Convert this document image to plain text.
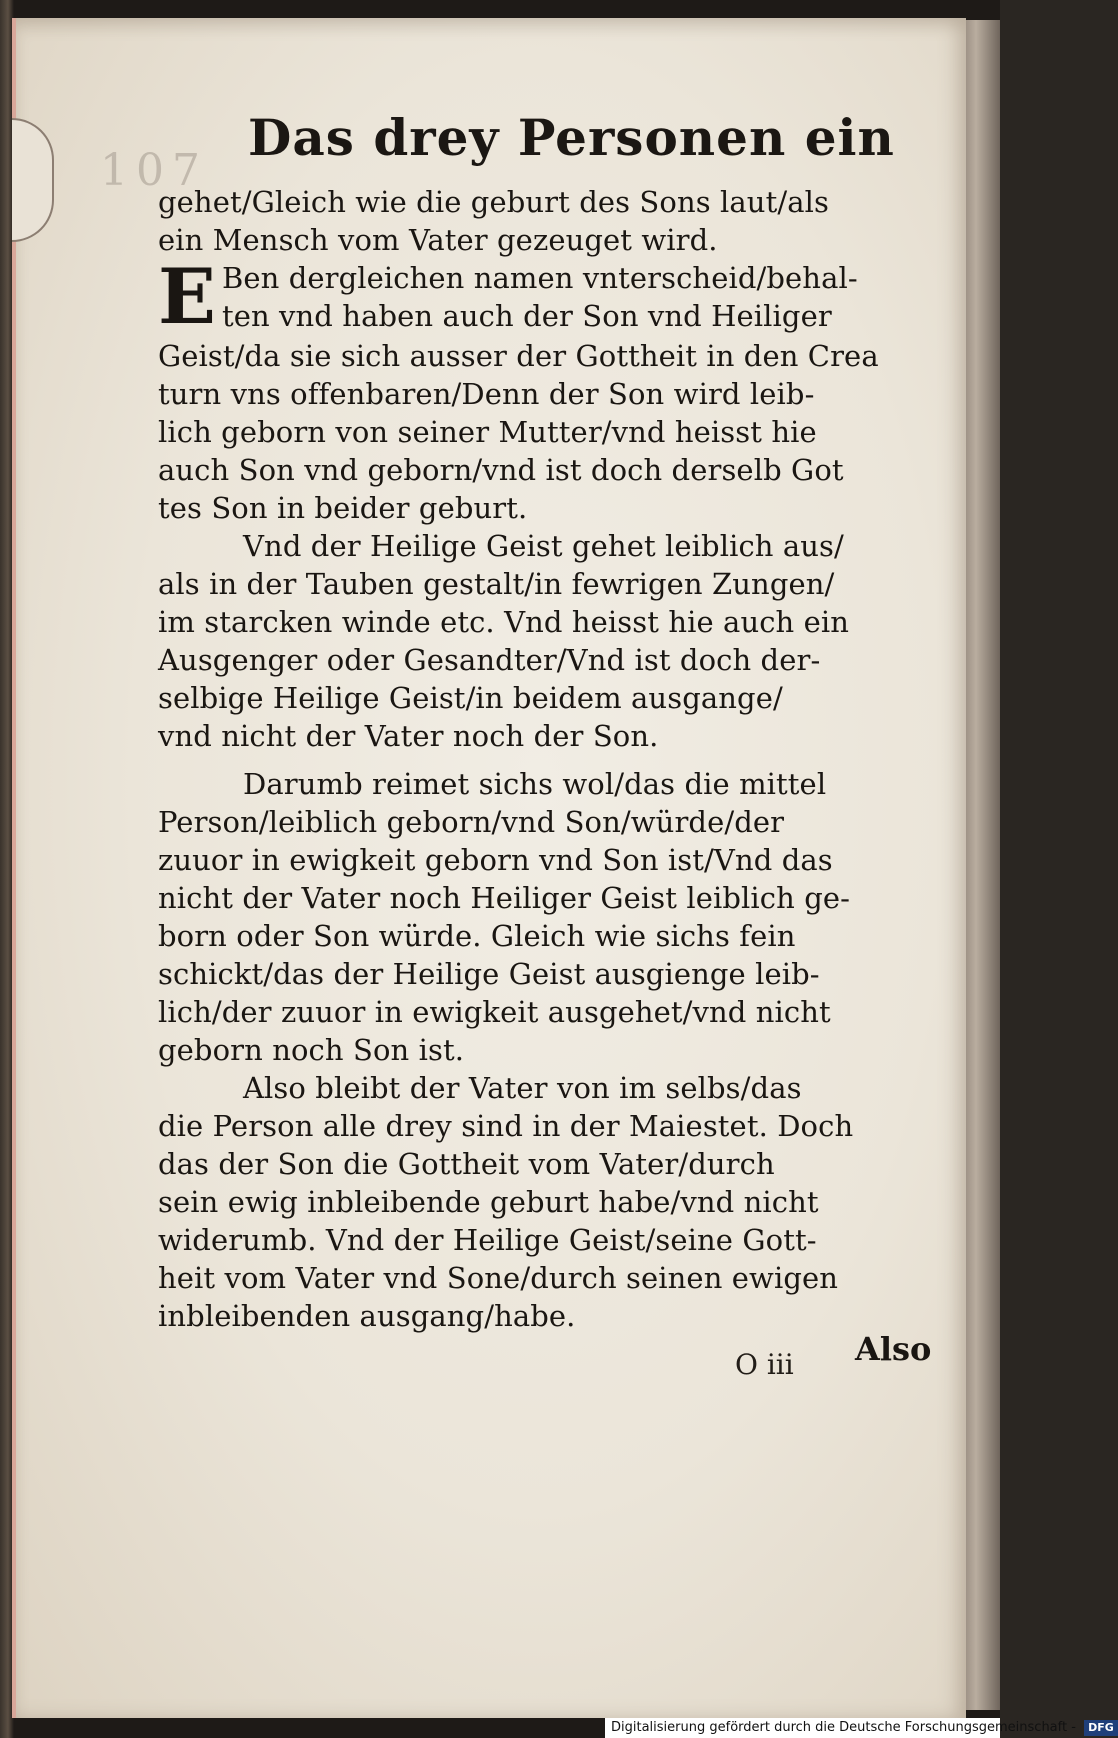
107
Das drey Personen ein
gehet/Gleich wie die geburt des Sons laut/als
ein Mensch vom Vater gezeuget wird.
E Ben dergleichen namen vnterscheid/behal-
ten vnd haben auch der Son vnd Heiliger
Geist/da sie sich ausser der Gottheit in den Crea
turn vns offenbaren/Denn der Son wird leib-
lich geborn von seiner Mutter/vnd heisst hie
auch Son vnd geborn/vnd ist doch derselb Got
tes Son in beider geburt.
Vnd der Heilige Geist gehet leiblich aus/
als in der Tauben gestalt/in fewrigen Zungen/
im starcken winde etc. Vnd heisst hie auch ein
Ausgenger oder Gesandter/Vnd ist doch der-
selbige Heilige Geist/in beidem ausgange/
vnd nicht der Vater noch der Son.
Darumb reimet sichs wol/das die mittel
Person/leiblich geborn/vnd Son/würde/der
zuuor in ewigkeit geborn vnd Son ist/Vnd das
nicht der Vater noch Heiliger Geist leiblich ge-
born oder Son würde. Gleich wie sichs fein
schickt/das der Heilige Geist ausgienge leib-
lich/der zuuor in ewigkeit ausgehet/vnd nicht
geborn noch Son ist.
Also bleibt der Vater von im selbs/das
die Person alle drey sind in der Maiestet. Doch
das der Son die Gottheit vom Vater/durch
sein ewig inbleibende geburt habe/vnd nicht
widerumb. Vnd der Heilige Geist/seine Gott-
heit vom Vater vnd Sone/durch seinen ewigen
inbleibenden ausgang/habe.
O iii Also
Digitalisierung gefördert durch die Deutsche Forschungsgemeinschaft - DFG
